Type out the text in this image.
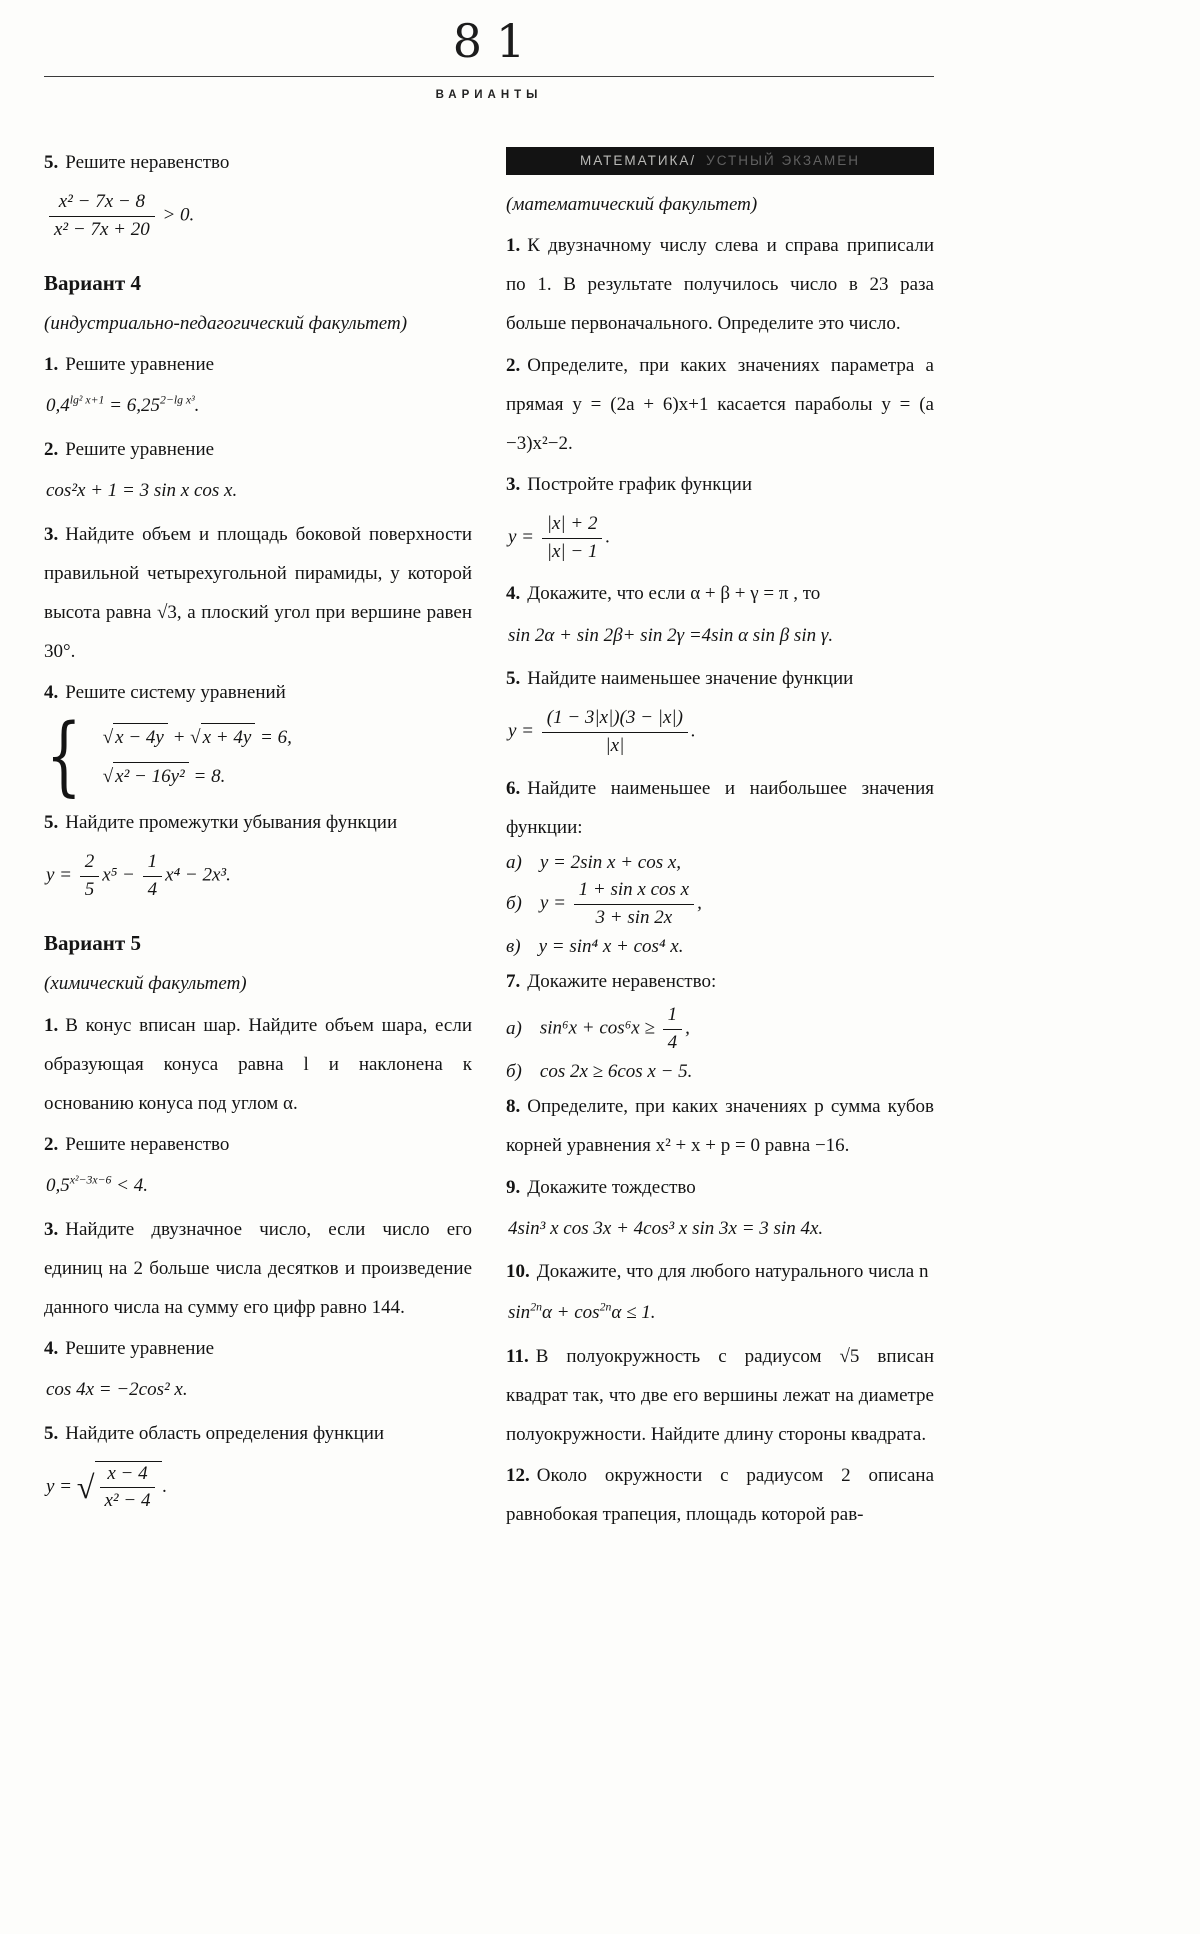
81
ВАРИАНТЫ

5. Решите неравенство

$\frac{\text{x² − 7x − 8}}{\text{x² − 7x + 20}} > 0$.
Вариант 4

(индустриально-педагогический факультет)

1. Решите уравнение

$0,4^{lg^2 x+1} = 6,25^{2-lg x^3}$.

2. Решите уравнение

cos²x + 1 = 3 sin x cos x.

3. Найдите объем и площадь боковой поверхности правильной четырехугольной пирамиды, у которой высота равна √3, а плоский угол при вершине равен 30°.

4. Решите систему уравнений

{ √ x − 4y + √ x + 4y = 6,
√ x² − 16y² = 8.

5. Найдите промежутки убывания функции

$y = \frac{2}{5} x^5 - \frac{1}{4} x^4 - 2x^3$.
Вариант 5

(химический факультет)

1. В конус вписан шар. Найдите объем шара, если образующая конуса равна l и наклонена к основанию конуса под углом α.

2. Решите неравенство

$0,5^{x^2-3x-6} < 4$.

3. Найдите двузначное число, если число его единиц на 2 больше числа десятков и произведение данного числа на сумму его цифр равно 144.

4. Решите уравнение

cos 4x = −2cos² x.

5. Найдите область определения функции

y = √ $\frac{x - 4}{\text{x² − 4}}$ .
МАТЕМАТИКА/ УСТНЫЙ ЭКЗАМЕН

(математический факультет)

1. К двузначному числу слева и справа приписали по 1. В результате получилось число в 23 раза больше первоначального. Определите это число.

2. Определите, при каких значениях параметра a прямая y = (2a + 6)x+1 касается параболы y = (a −3)x²−2.

3. Постройте график функции

$y = \frac{|x| + 2}{|x| - 1}$ .

4. Докажите, что если α + β + γ = π , то

sin 2α + sin 2β+ sin 2γ =4sin α sin β sin γ.

5. Найдите наименьшее значение функции

$y = \frac{(1 - 3|x|)(3 - |x|)}{|x|}$ .

6. Найдите наименьшее и наибольшее значения функции:

а) y = 2sin x + cos x,

б) $y = \frac{\text{1 + sin x cos x}}{3 + \sin 2x}$ ,

в) y = sin⁴ x + cos⁴ x.

7. Докажите неравенство:

а) $\sin^6x + \cos^6x \ge \frac{1}{4}$ ,

б) cos 2x ≥ 6cos x − 5.

8. Определите, при каких значениях p сумма кубов корней уравнения x² + x + p = 0 равна −16.

9. Докажите тождество

4sin³ x cos 3x + 4cos³ x sin 3x = 3 sin 4x.

10. Докажите, что для любого натурального числа n

$\sin^{2n}\alpha + \cos^{2n}\alpha \le 1$.

11. В полуокружность с радиусом √5 вписан квадрат так, что две его вершины лежат на диаметре полуокружности. Найдите длину стороны квадрата.

12. Около окружности с радиусом 2 описана равнобокая трапеция, площадь которой рав-
